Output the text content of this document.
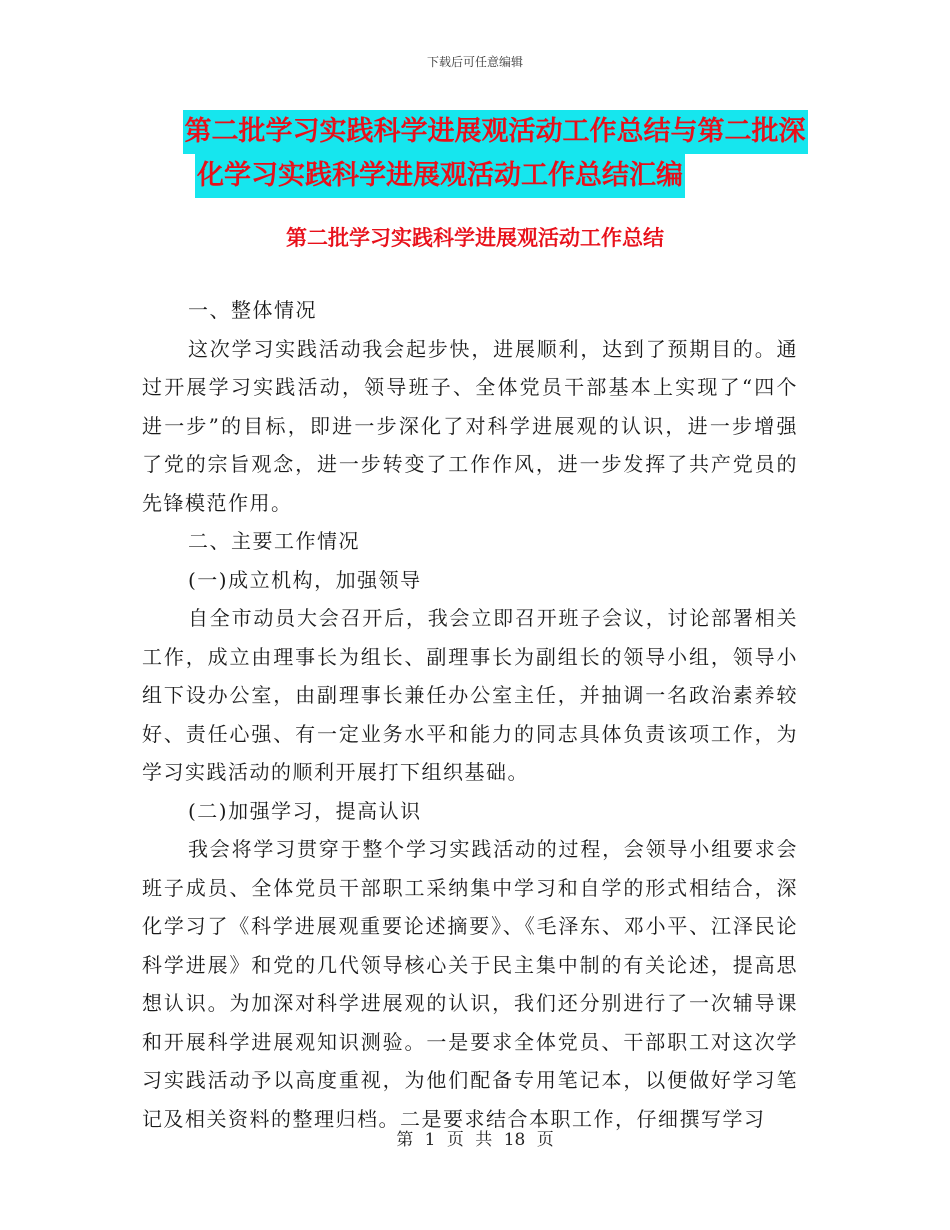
下载后可任意编辑
第二批学习实践科学进展观活动工作总结与第二批深
化学习实践科学进展观活动工作总结汇编
第二批学习实践科学进展观活动工作总结

一、整体情况

这次学习实践活动我会起步快，进展顺利，达到了预期目的。通过开展学习实践活动，领导班子、全体党员干部基本上实现了“四个进一步”的目标，即进一步深化了对科学进展观的认识，进一步增强了党的宗旨观念，进一步转变了工作作风，进一步发挥了共产党员的先锋模范作用。

二、主要工作情况

(一)成立机构，加强领导

自全市动员大会召开后，我会立即召开班子会议，讨论部署相关工作，成立由理事长为组长、副理事长为副组长的领导小组，领导小组下设办公室，由副理事长兼任办公室主任，并抽调一名政治素养较好、责任心强、有一定业务水平和能力的同志具体负责该项工作，为学习实践活动的顺利开展打下组织基础。

(二)加强学习，提高认识

我会将学习贯穿于整个学习实践活动的过程，会领导小组要求会班子成员、全体党员干部职工采纳集中学习和自学的形式相结合，深化学习了《科学进展观重要论述摘要》、《毛泽东、邓小平、江泽民论科学进展》和党的几代领导核心关于民主集中制的有关论述，提高思想认识。为加深对科学进展观的认识，我们还分别进行了一次辅导课和开展科学进展观知识测验。一是要求全体党员、干部职工对这次学习实践活动予以高度重视，为他们配备专用笔记本，以便做好学习笔记及相关资料的整理归档。二是要求结合本职工作，仔细撰写学习

第 1 页 共 18 页
